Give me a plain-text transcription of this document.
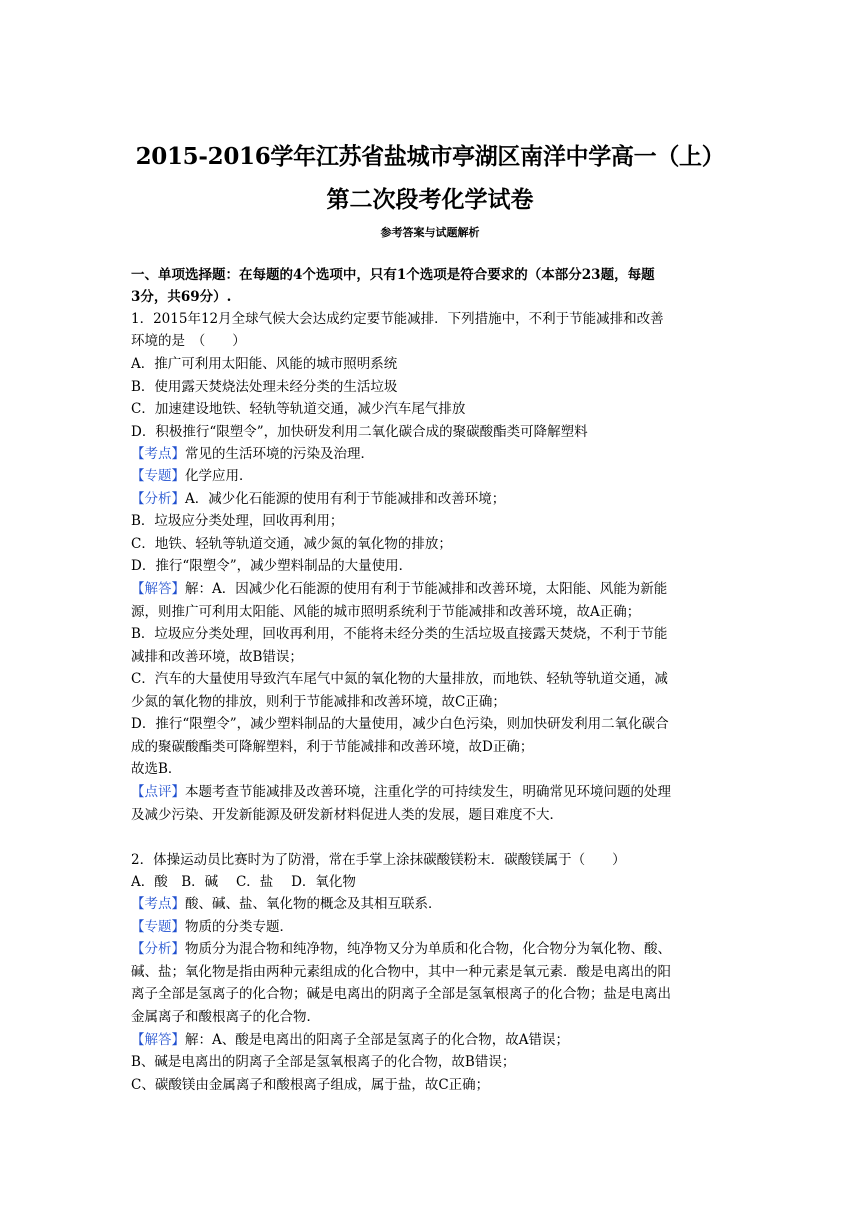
2015-2016学年江苏省盐城市亭湖区南洋中学高一（上）
第二次段考化学试卷
参考答案与试题解析
一、单项选择题：在每题的4个选项中，只有1个选项是符合要求的（本部分23题，每题
3分，共69分）.
1．2015年12月全球气候大会达成约定要节能减排．下列措施中，不利于节能减排和改善
环境的是　（　　）
A．推广可利用太阳能、风能的城市照明系统
B．使用露天焚烧法处理未经分类的生活垃圾
C．加速建设地铁、轻轨等轨道交通，减少汽车尾气排放
D．积极推行“限塑令”，加快研发利用二氧化碳合成的聚碳酸酯类可降解塑料
【考点】常见的生活环境的污染及治理．
【专题】化学应用．
【分析】A．减少化石能源的使用有利于节能减排和改善环境；
B．垃圾应分类处理，回收再利用；
C．地铁、轻轨等轨道交通，减少氮的氧化物的排放；
D．推行“限塑令”，减少塑料制品的大量使用．
【解答】解：A．因减少化石能源的使用有利于节能减排和改善环境，太阳能、风能为新能
源，则推广可利用太阳能、风能的城市照明系统利于节能减排和改善环境，故A正确；
B．垃圾应分类处理，回收再利用，不能将未经分类的生活垃圾直接露天焚烧，不利于节能
减排和改善环境，故B错误；
C．汽车的大量使用导致汽车尾气中氮的氧化物的大量排放，而地铁、轻轨等轨道交通，减
少氮的氧化物的排放，则利于节能减排和改善环境，故C正确；
D．推行“限塑令”，减少塑料制品的大量使用，减少白色污染，则加快研发利用二氧化碳合
成的聚碳酸酯类可降解塑料，利于节能减排和改善环境，故D正确；
故选B．
【点评】本题考查节能减排及改善环境，注重化学的可持续发生，明确常见环境问题的处理
及减少污染、开发新能源及研发新材料促进人类的发展，题目难度不大．
2．体操运动员比赛时为了防滑，常在手掌上涂抹碳酸镁粉末．碳酸镁属于（　　）
A．酸　B．碱　 C．盐　 D．氧化物
【考点】酸、碱、盐、氧化物的概念及其相互联系．
【专题】物质的分类专题．
【分析】物质分为混合物和纯净物，纯净物又分为单质和化合物，化合物分为氧化物、酸、
碱、盐；氧化物是指由两种元素组成的化合物中，其中一种元素是氧元素．酸是电离出的阳
离子全部是氢离子的化合物；碱是电离出的阴离子全部是氢氧根离子的化合物；盐是电离出
金属离子和酸根离子的化合物．
【解答】解：A、酸是电离出的阳离子全部是氢离子的化合物，故A错误；
B、碱是电离出的阴离子全部是氢氧根离子的化合物，故B错误；
C、碳酸镁由金属离子和酸根离子组成，属于盐，故C正确；
